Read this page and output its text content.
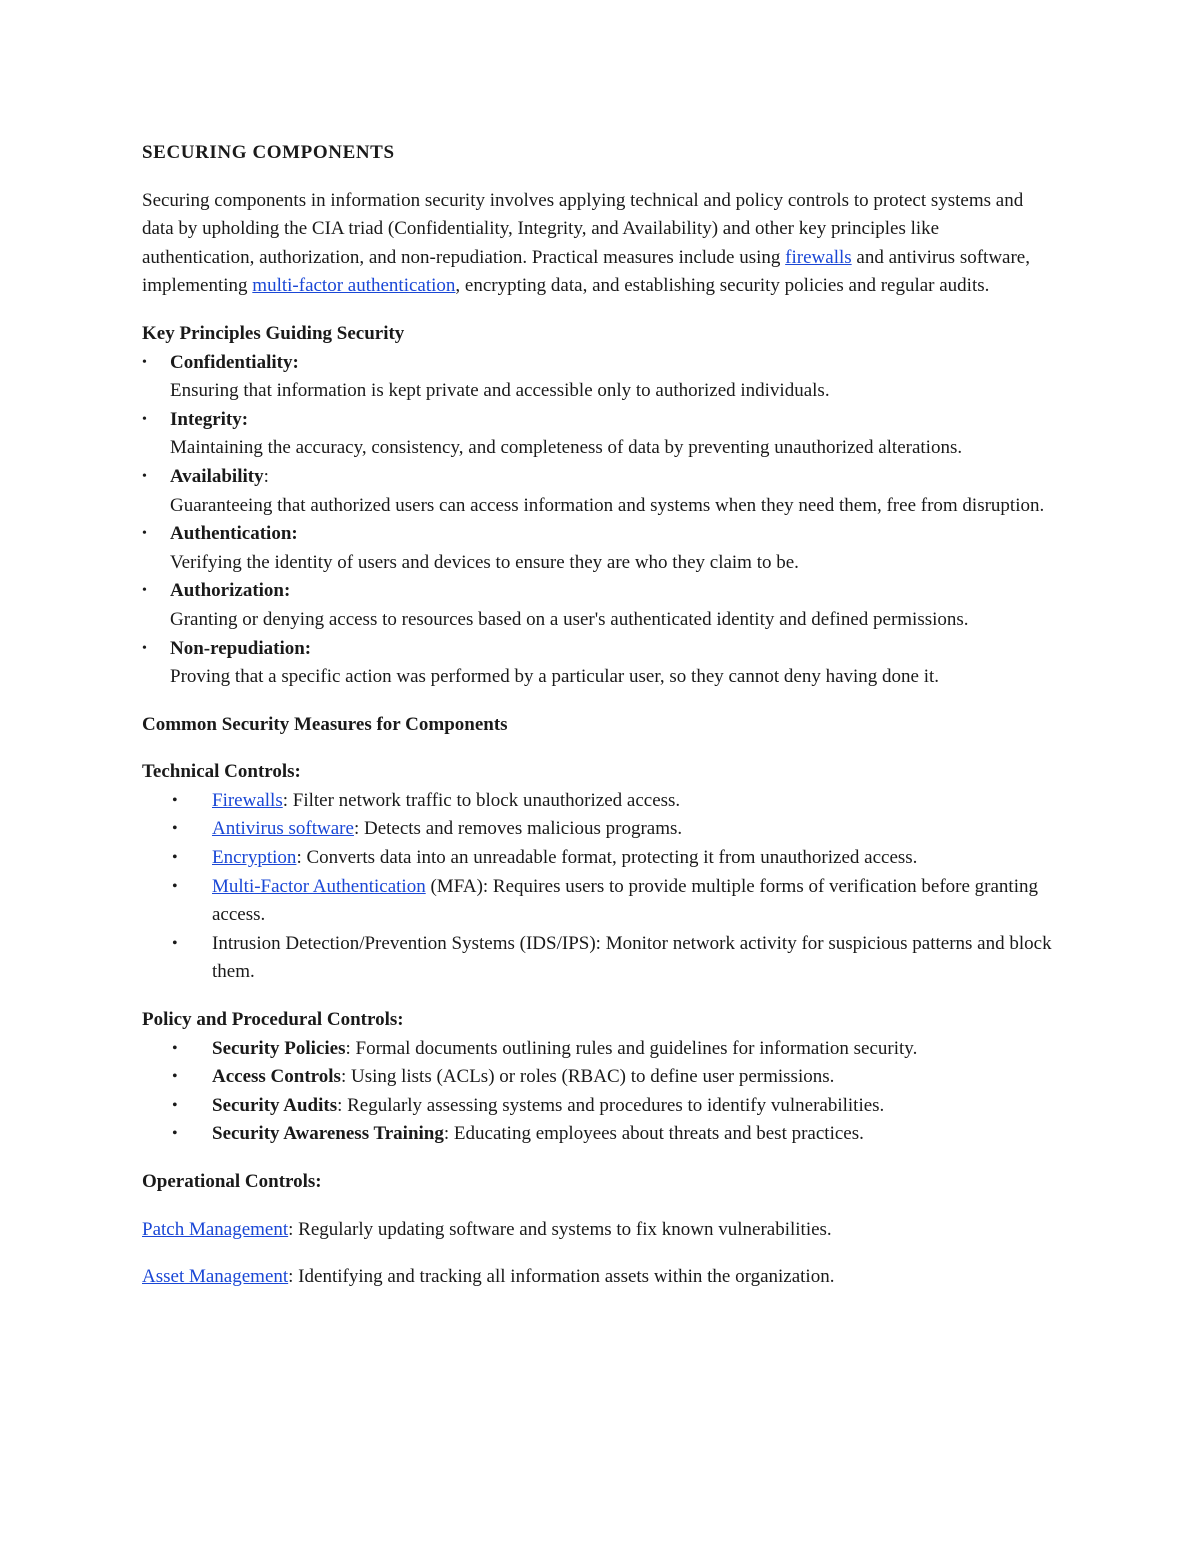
SECURING COMPONENTS

Securing components in information security involves applying technical and policy controls to protect systems and data by upholding the CIA triad (Confidentiality, Integrity, and Availability) and other key principles like authentication, authorization, and non-repudiation. Practical measures include using firewalls and antivirus software, implementing multi-factor authentication, encrypting data, and establishing security policies and regular audits.

Key Principles Guiding Security

• Confidentiality:
Ensuring that information is kept private and accessible only to authorized individuals.
• Integrity:
Maintaining the accuracy, consistency, and completeness of data by preventing unauthorized alterations.
• Availability:
Guaranteeing that authorized users can access information and systems when they need them, free from disruption.
• Authentication:
Verifying the identity of users and devices to ensure they are who they claim to be.
• Authorization:
Granting or denying access to resources based on a user's authenticated identity and defined permissions.
• Non-repudiation:
Proving that a specific action was performed by a particular user, so they cannot deny having done it.

Common Security Measures for Components

Technical Controls:

• Firewalls: Filter network traffic to block unauthorized access.
• Antivirus software: Detects and removes malicious programs.
• Encryption: Converts data into an unreadable format, protecting it from unauthorized access.
• Multi-Factor Authentication (MFA): Requires users to provide multiple forms of verification before granting access.
• Intrusion Detection/Prevention Systems (IDS/IPS): Monitor network activity for suspicious patterns and block them.

Policy and Procedural Controls:

• Security Policies: Formal documents outlining rules and guidelines for information security.
• Access Controls: Using lists (ACLs) or roles (RBAC) to define user permissions.
• Security Audits: Regularly assessing systems and procedures to identify vulnerabilities.
• Security Awareness Training: Educating employees about threats and best practices.

Operational Controls:

Patch Management: Regularly updating software and systems to fix known vulnerabilities.

Asset Management: Identifying and tracking all information assets within the organization.
